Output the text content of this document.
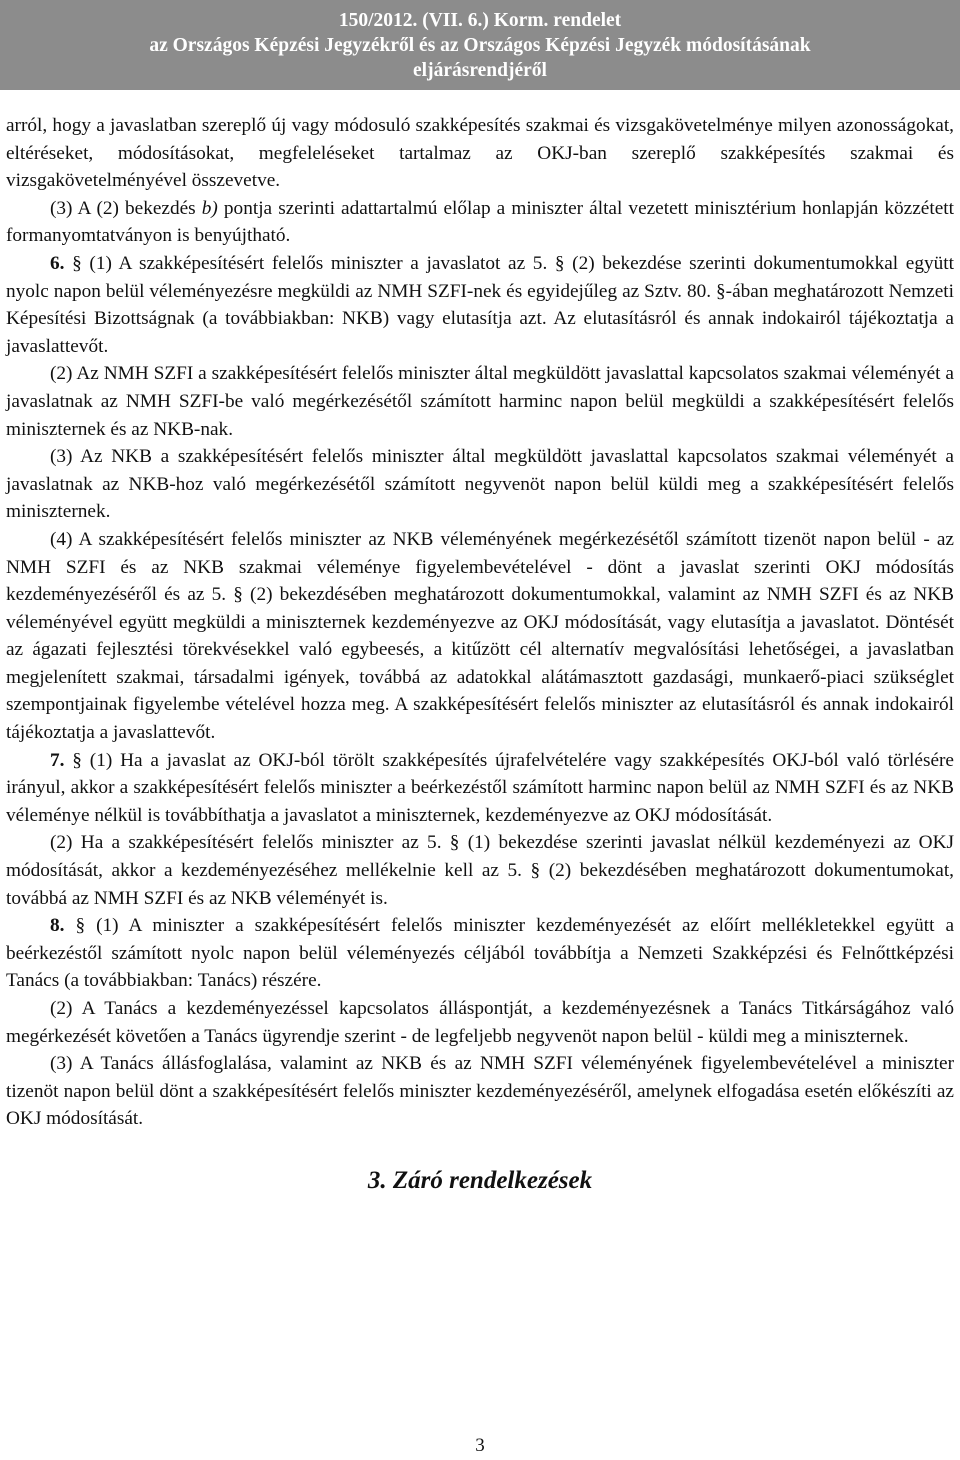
150/2012. (VII. 6.) Korm. rendelet
az Országos Képzési Jegyzékről és az Országos Képzési Jegyzék módosításának
eljárásrendjéről

arról, hogy a javaslatban szereplő új vagy módosuló szakképesítés szakmai és vizsgakövetelménye milyen azonosságokat, eltéréseket, módosításokat, megfeleléseket tartalmaz az OKJ-ban szereplő szakképesítés szakmai és vizsgakövetelményével összevetve.

(3) A (2) bekezdés b) pontja szerinti adattartalmú előlap a miniszter által vezetett minisztérium honlapján közzétett formanyomtatványon is benyújtható.

6. § (1) A szakképesítésért felelős miniszter a javaslatot az 5. § (2) bekezdése szerinti dokumentumokkal együtt nyolc napon belül véleményezésre megküldi az NMH SZFI-nek és egyidejűleg az Sztv. 80. §-ában meghatározott Nemzeti Képesítési Bizottságnak (a továbbiakban: NKB) vagy elutasítja azt. Az elutasításról és annak indokairól tájékoztatja a javaslattevőt.

(2) Az NMH SZFI a szakképesítésért felelős miniszter által megküldött javaslattal kapcsolatos szakmai véleményét a javaslatnak az NMH SZFI-be való megérkezésétől számított harminc napon belül megküldi a szakképesítésért felelős miniszternek és az NKB-nak.

(3) Az NKB a szakképesítésért felelős miniszter által megküldött javaslattal kapcsolatos szakmai véleményét a javaslatnak az NKB-hoz való megérkezésétől számított negyvenöt napon belül küldi meg a szakképesítésért felelős miniszternek.

(4) A szakképesítésért felelős miniszter az NKB véleményének megérkezésétől számított tizenöt napon belül - az NMH SZFI és az NKB szakmai véleménye figyelembevételével - dönt a javaslat szerinti OKJ módosítás kezdeményezéséről és az 5. § (2) bekezdésében meghatározott dokumentumokkal, valamint az NMH SZFI és az NKB véleményével együtt megküldi a miniszternek kezdeményezve az OKJ módosítását, vagy elutasítja a javaslatot. Döntését az ágazati fejlesztési törekvésekkel való egybeesés, a kitűzött cél alternatív megvalósítási lehetőségei, a javaslatban megjelenített szakmai, társadalmi igények, továbbá az adatokkal alátámasztott gazdasági, munkaerő-piaci szükséglet szempontjainak figyelembe vételével hozza meg. A szakképesítésért felelős miniszter az elutasításról és annak indokairól tájékoztatja a javaslattevőt.

7. § (1) Ha a javaslat az OKJ-ból törölt szakképesítés újrafelvételére vagy szakképesítés OKJ-ból való törlésére irányul, akkor a szakképesítésért felelős miniszter a beérkezéstől számított harminc napon belül az NMH SZFI és az NKB véleménye nélkül is továbbíthatja a javaslatot a miniszternek, kezdeményezve az OKJ módosítását.

(2) Ha a szakképesítésért felelős miniszter az 5. § (1) bekezdése szerinti javaslat nélkül kezdeményezi az OKJ módosítását, akkor a kezdeményezéséhez mellékelnie kell az 5. § (2) bekezdésében meghatározott dokumentumokat, továbbá az NMH SZFI és az NKB véleményét is.

8. § (1) A miniszter a szakképesítésért felelős miniszter kezdeményezését az előírt mellékletekkel együtt a beérkezéstől számított nyolc napon belül véleményezés céljából továbbítja a Nemzeti Szakképzési és Felnőttképzési Tanács (a továbbiakban: Tanács) részére.

(2) A Tanács a kezdeményezéssel kapcsolatos álláspontját, a kezdeményezésnek a Tanács Titkárságához való megérkezését követően a Tanács ügyrendje szerint - de legfeljebb negyvenöt napon belül - küldi meg a miniszternek.

(3) A Tanács állásfoglalása, valamint az NKB és az NMH SZFI véleményének figyelembevételével a miniszter tizenöt napon belül dönt a szakképesítésért felelős miniszter kezdeményezéséről, amelynek elfogadása esetén előkészíti az OKJ módosítását.

3. Záró rendelkezések
3
